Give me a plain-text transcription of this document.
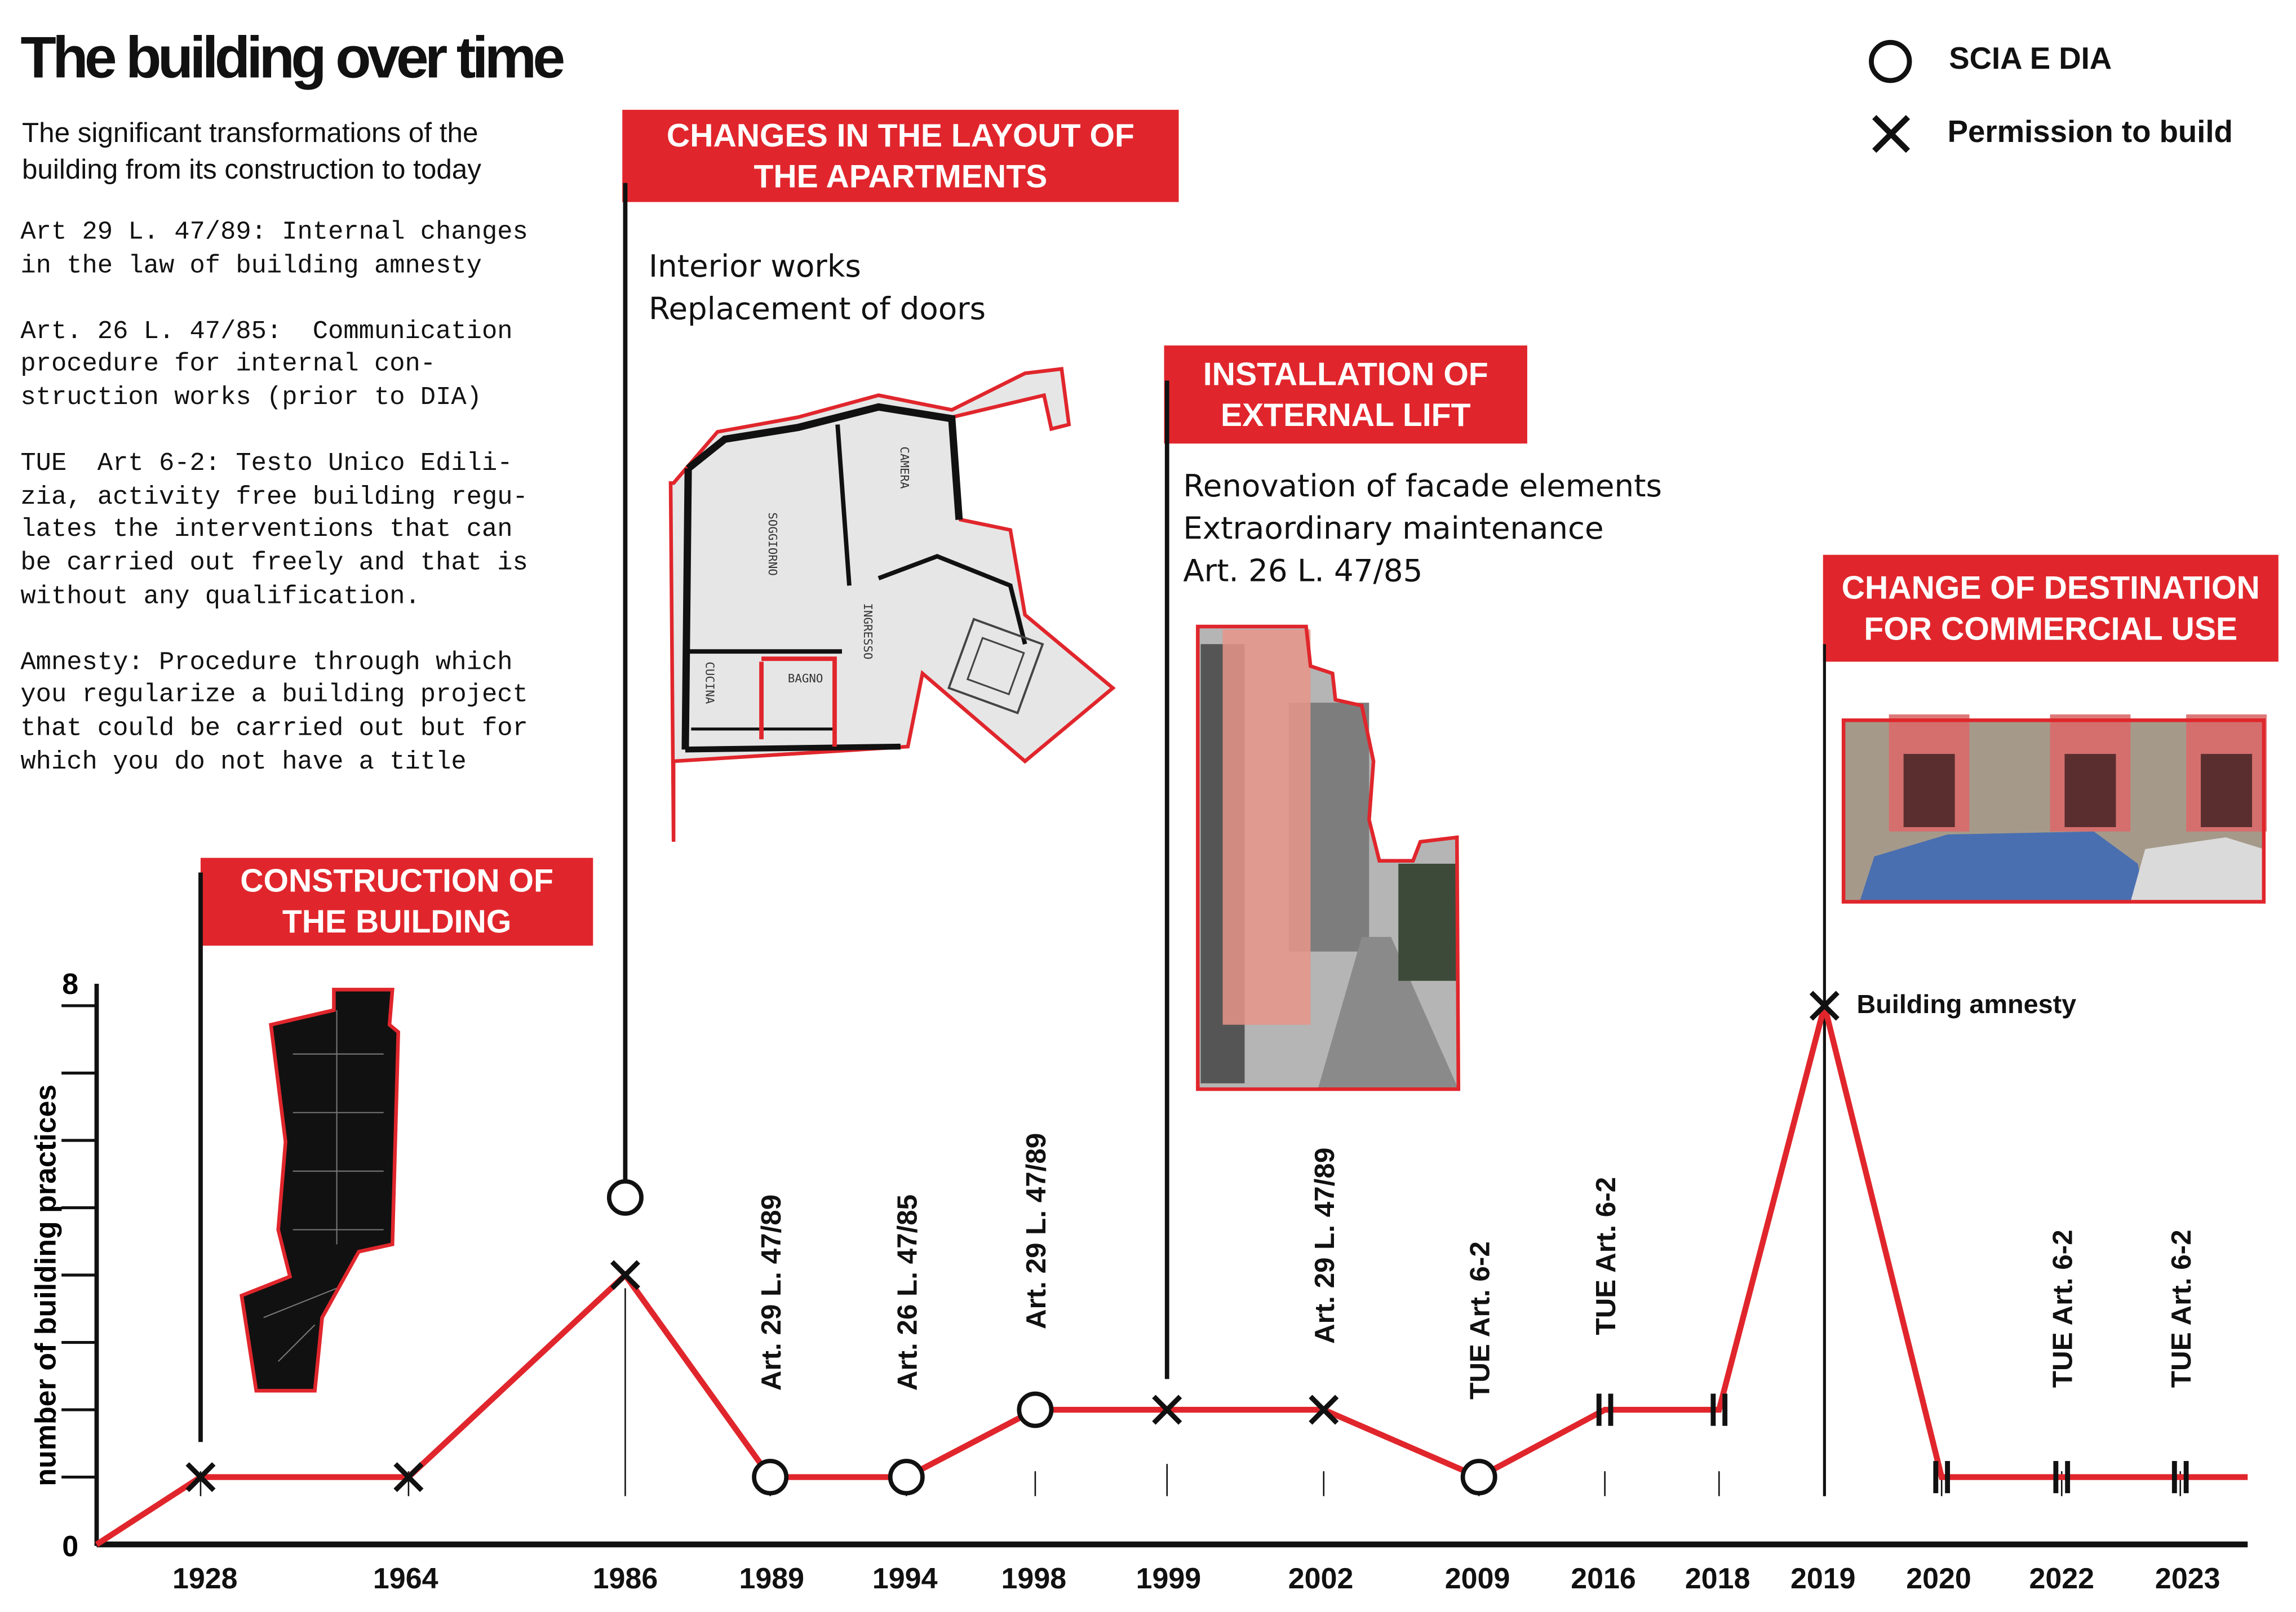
The building over time
The significant transformations of the building from its construction to today

Art 29 L. 47/89: Internal changes
in the law of building amnesty

Art. 26 L. 47/85:  Communication
procedure for internal con-
struction works (prior to DIA)

TUE  Art 6-2: Testo Unico Edili-
zia, activity free building regu-
lates the interventions that can
be carried out freely and that is
without any qualification.

Amnesty: Procedure through which
you regularize a building project
that could be carried out but for
which you do not have a title

SCIA E DIA
Permission to build
CONSTRUCTION OF THE BUILDING
CHANGES IN THE LAYOUT OF THE APARTMENTS
INSTALLATION OF EXTERNAL LIFT
CHANGE OF DESTINATION FOR COMMERCIAL USE
Interior works
Replacement of doors
Renovation of facade elements
Extraordinary maintenance
Art. 26 L. 47/85
SOGGIORNO
CAMERA
INGRESSO
CUCINA	BAGNO
8
0
number of building practices
1928	1964	1986	1989	1994	1998	1999	2002	2009	2016	2018	2019	2020	2022	2023
Art. 29 L. 47/89	Art. 26 L. 47/85	Art. 29 L. 47/89	Art. 29 L. 47/89	TUE Art. 6-2	TUE Art. 6-2
Building amnesty
TUE Art. 6-2	TUE Art. 6-2
